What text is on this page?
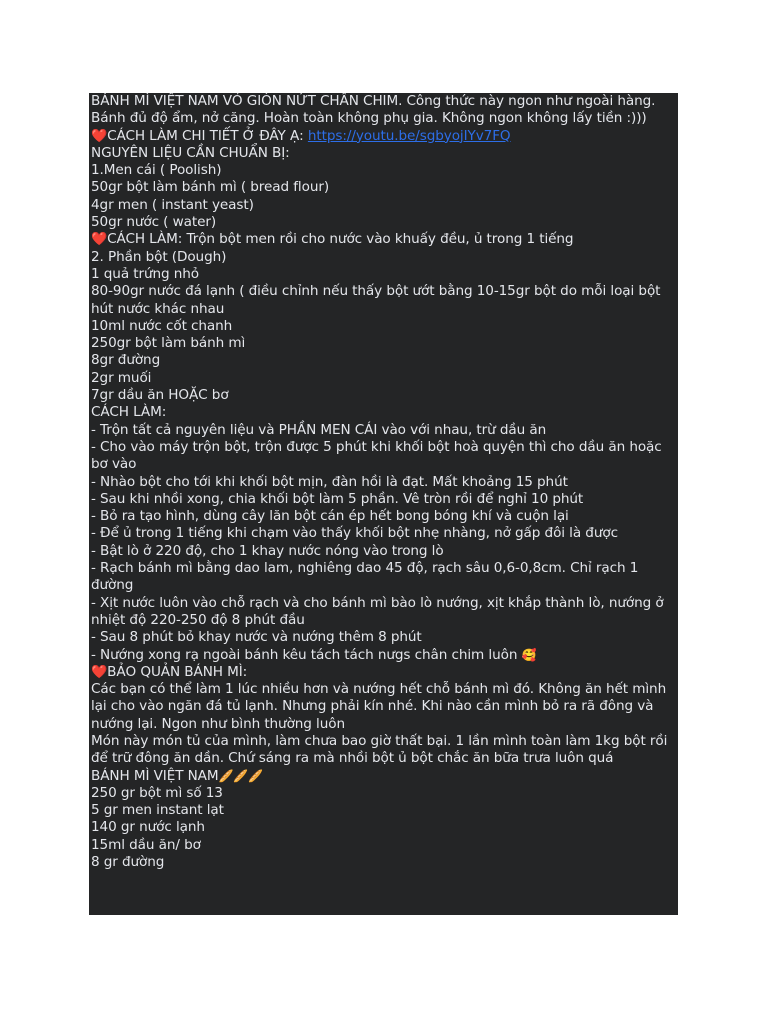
BÁNH MÌ VIỆT NAM VỎ GIÒN NỨT CHÂN CHIM. Công thức này ngon như ngoài hàng. Bánh đủ độ ẩm, nở căng. Hoàn toàn không phụ gia. Không ngon không lấy tiền :)))
❤️CÁCH LÀM CHI TIẾT Ở ĐÂY Ạ: https://youtu.be/sgbyojIYv7FQ
NGUYÊN LIỆU CẦN CHUẨN BỊ:
1.Men cái ( Poolish)
50gr bột làm bánh mì ( bread flour)
4gr men ( instant yeast)
50gr nước ( water)
❤️CÁCH LÀM: Trộn bột men rồi cho nước vào khuấy đều, ủ trong 1 tiếng
2. Phần bột (Dough)
1 quả trứng nhỏ
80-90gr nước đá lạnh ( điều chỉnh nếu thấy bột ướt bằng 10-15gr bột do mỗi loại bột hút nước khác nhau
10ml nước cốt chanh
250gr bột làm bánh mì
8gr đường
2gr muối
7gr dầu ăn HOẶC bơ
CÁCH LÀM:
- Trộn tất cả nguyên liệu và PHẦN MEN CÁI vào với nhau, trừ dầu ăn
- Cho vào máy trộn bột, trộn được 5 phút khi khối bột hoà quyện thì cho dầu ăn hoặc bơ vào
- Nhào bột cho tới khi khối bột mịn, đàn hồi là đạt. Mất khoảng 15 phút
- Sau khi nhồi xong, chia khối bột làm 5 phần. Vê tròn rồi để nghỉ 10 phút
- Bỏ ra tạo hình, dùng cây lăn bột cán ép hết bong bóng khí và cuộn lại
- Để ủ trong 1 tiếng khi chạm vào thấy khối bột nhẹ nhàng, nở gấp đôi là được
- Bật lò ở 220 độ, cho 1 khay nước nóng vào trong lò
- Rạch bánh mì bằng dao lam, nghiêng dao 45 độ, rạch sâu 0,6-0,8cm. Chỉ rạch 1 đường
- Xịt nước luôn vào chỗ rạch và cho bánh mì bào lò nướng, xịt khắp thành lò, nướng ở nhiệt độ 220-250 độ 8 phút đầu
- Sau 8 phút bỏ khay nước và nướng thêm 8 phút
- Nướng xong rạ ngoài bánh kêu tách tách nưgs chân chim luôn 🥰
❤️BẢO QUẢN BÁNH MÌ:
Các bạn có thể làm 1 lúc nhiều hơn và nướng hết chỗ bánh mì đó. Không ăn hết mình lại cho vào ngăn đá tủ lạnh. Nhưng phải kín nhé. Khi nào cần mình bỏ ra rã đông và nướng lại. Ngon như bình thường luôn
Món này món tủ của mình, làm chưa bao giờ thất bại. 1 lần mình toàn làm 1kg bột rồi để trữ đông ăn dần. Chứ sáng ra mà nhồi bột ủ bột chắc ăn bữa trưa luôn quá
BÁNH MÌ VIỆT NAM🥖🥖🥖
250 gr bột mì số 13
5 gr men instant lạt
140 gr nước lạnh
15ml dầu ăn/ bơ
8 gr đường
